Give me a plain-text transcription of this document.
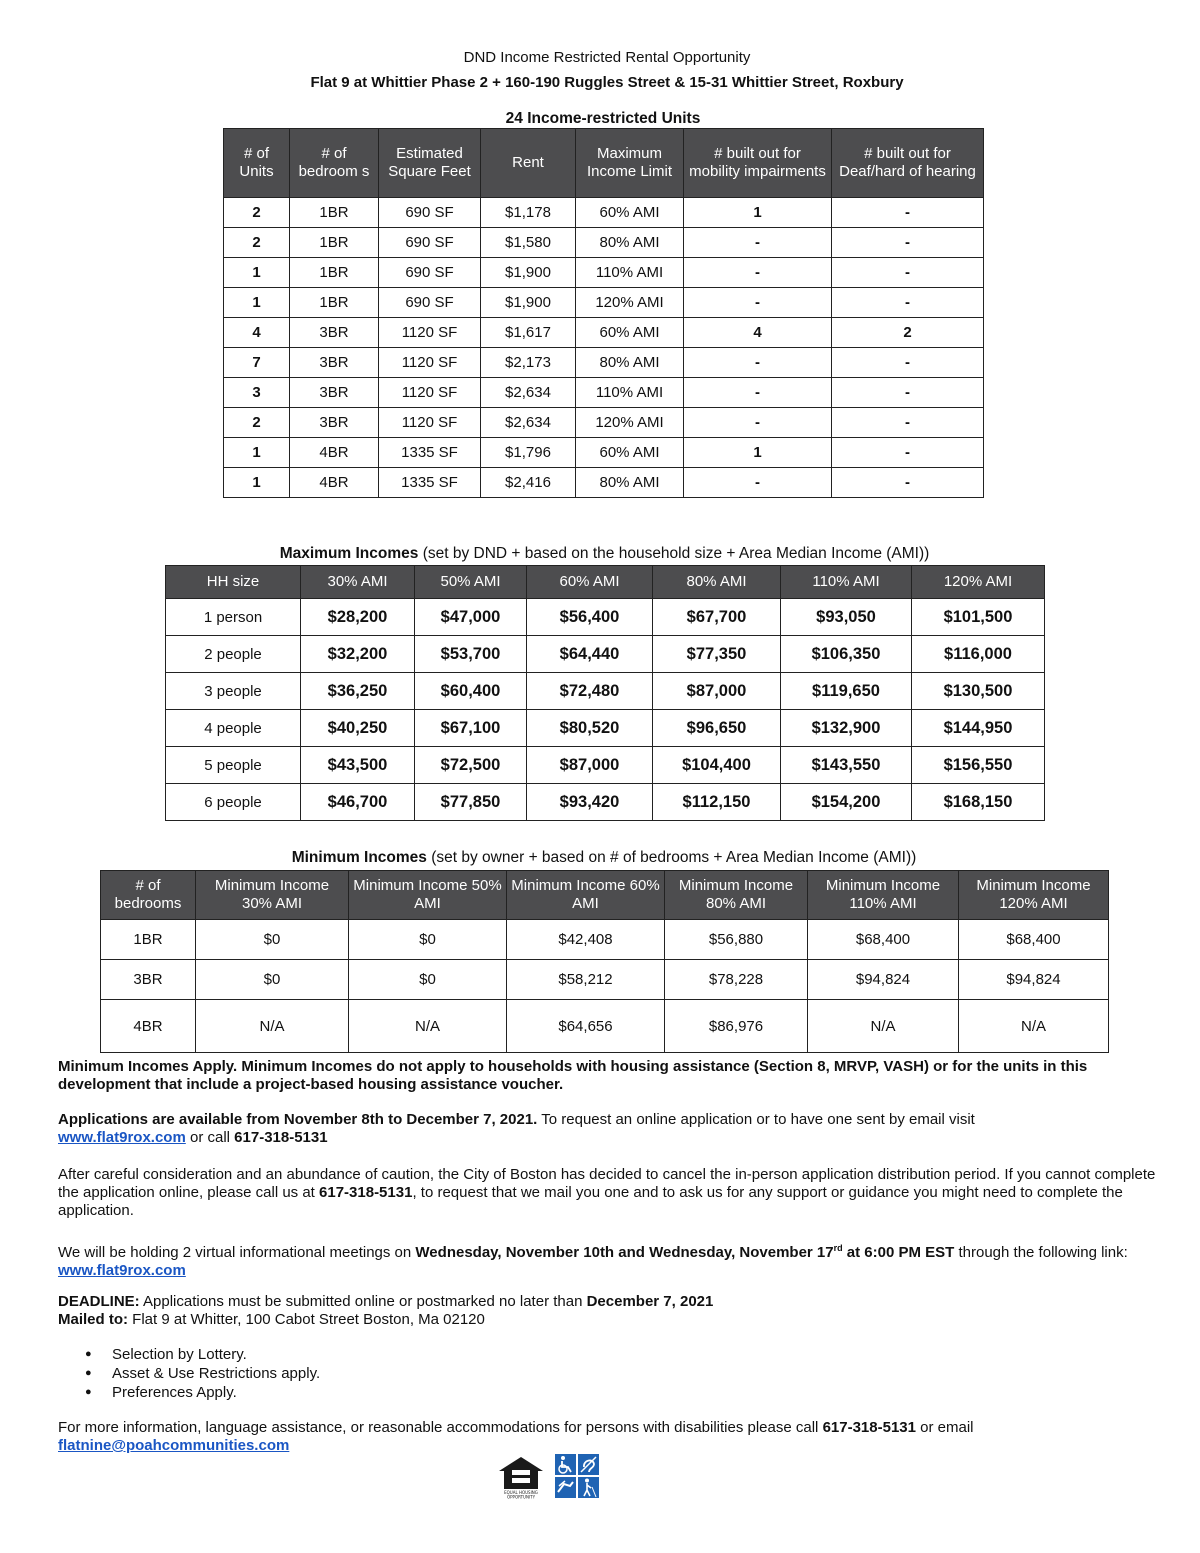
DND Income Restricted Rental Opportunity
Flat 9 at Whittier Phase 2 + 160-190 Ruggles Street & 15-31 Whittier Street, Roxbury
24 Income-restricted Units
# of Units	# of bedroom s	Estimated Square Feet	Rent	Maximum Income Limit	# built out for mobility impairments	# built out for Deaf/hard of hearing
2	1BR	690 SF	$1,178	60% AMI	1	-
2	1BR	690 SF	$1,580	80% AMI	-	-
1	1BR	690 SF	$1,900	110% AMI	-	-
1	1BR	690 SF	$1,900	120% AMI	-	-
4	3BR	1120 SF	$1,617	60% AMI	4	2
7	3BR	1120 SF	$2,173	80% AMI	-	-
3	3BR	1120 SF	$2,634	110% AMI	-	-
2	3BR	1120 SF	$2,634	120% AMI	-	-
1	4BR	1335 SF	$1,796	60% AMI	1	-
1	4BR	1335 SF	$2,416	80% AMI	-	-
Maximum Incomes (set by DND + based on the household size + Area Median Income (AMI))
HH size	30% AMI	50% AMI	60% AMI	80% AMI	110% AMI	120% AMI
1 person	$28,200	$47,000	$56,400	$67,700	$93,050	$101,500
2 people	$32,200	$53,700	$64,440	$77,350	$106,350	$116,000
3 people	$36,250	$60,400	$72,480	$87,000	$119,650	$130,500
4 people	$40,250	$67,100	$80,520	$96,650	$132,900	$144,950
5 people	$43,500	$72,500	$87,000	$104,400	$143,550	$156,550
6 people	$46,700	$77,850	$93,420	$112,150	$154,200	$168,150
Minimum Incomes (set by owner + based on # of bedrooms + Area Median Income (AMI))
# of bedrooms	Minimum Income 30% AMI	Minimum Income 50% AMI	Minimum Income 60% AMI	Minimum Income 80% AMI	Minimum Income 110% AMI	Minimum Income 120% AMI
1BR	$0	$0	$42,408	$56,880	$68,400	$68,400
3BR	$0	$0	$58,212	$78,228	$94,824	$94,824
4BR	N/A	N/A	$64,656	$86,976	N/A	N/A
Minimum Incomes Apply. Minimum Incomes do not apply to households with housing assistance (Section 8, MRVP, VASH) or for the units in this development that include a project-based housing assistance voucher.
Applications are available from November 8th to December 7, 2021. To request an online application or to have one sent by email visit
www.flat9rox.com or call 617-318-5131
After careful consideration and an abundance of caution, the City of Boston has decided to cancel the in-person application distribution period. If you cannot complete the application online, please call us at 617-318-5131, to request that we mail you one and to ask us for any support or guidance you might need to complete the application.
We will be holding 2 virtual informational meetings on Wednesday, November 10th and Wednesday, November 17rd at 6:00 PM EST through the following link: www.flat9rox.com
DEADLINE: Applications must be submitted online or postmarked no later than December 7, 2021
Mailed to: Flat 9 at Whitter, 100 Cabot Street Boston, Ma 02120
● Selection by Lottery.
● Asset & Use Restrictions apply.
● Preferences Apply.
For more information, language assistance, or reasonable accommodations for persons with disabilities please call 617-318-5131 or email
flatnine@poahcommunities.com
EQUAL HOUSING
OPPORTUNITY
